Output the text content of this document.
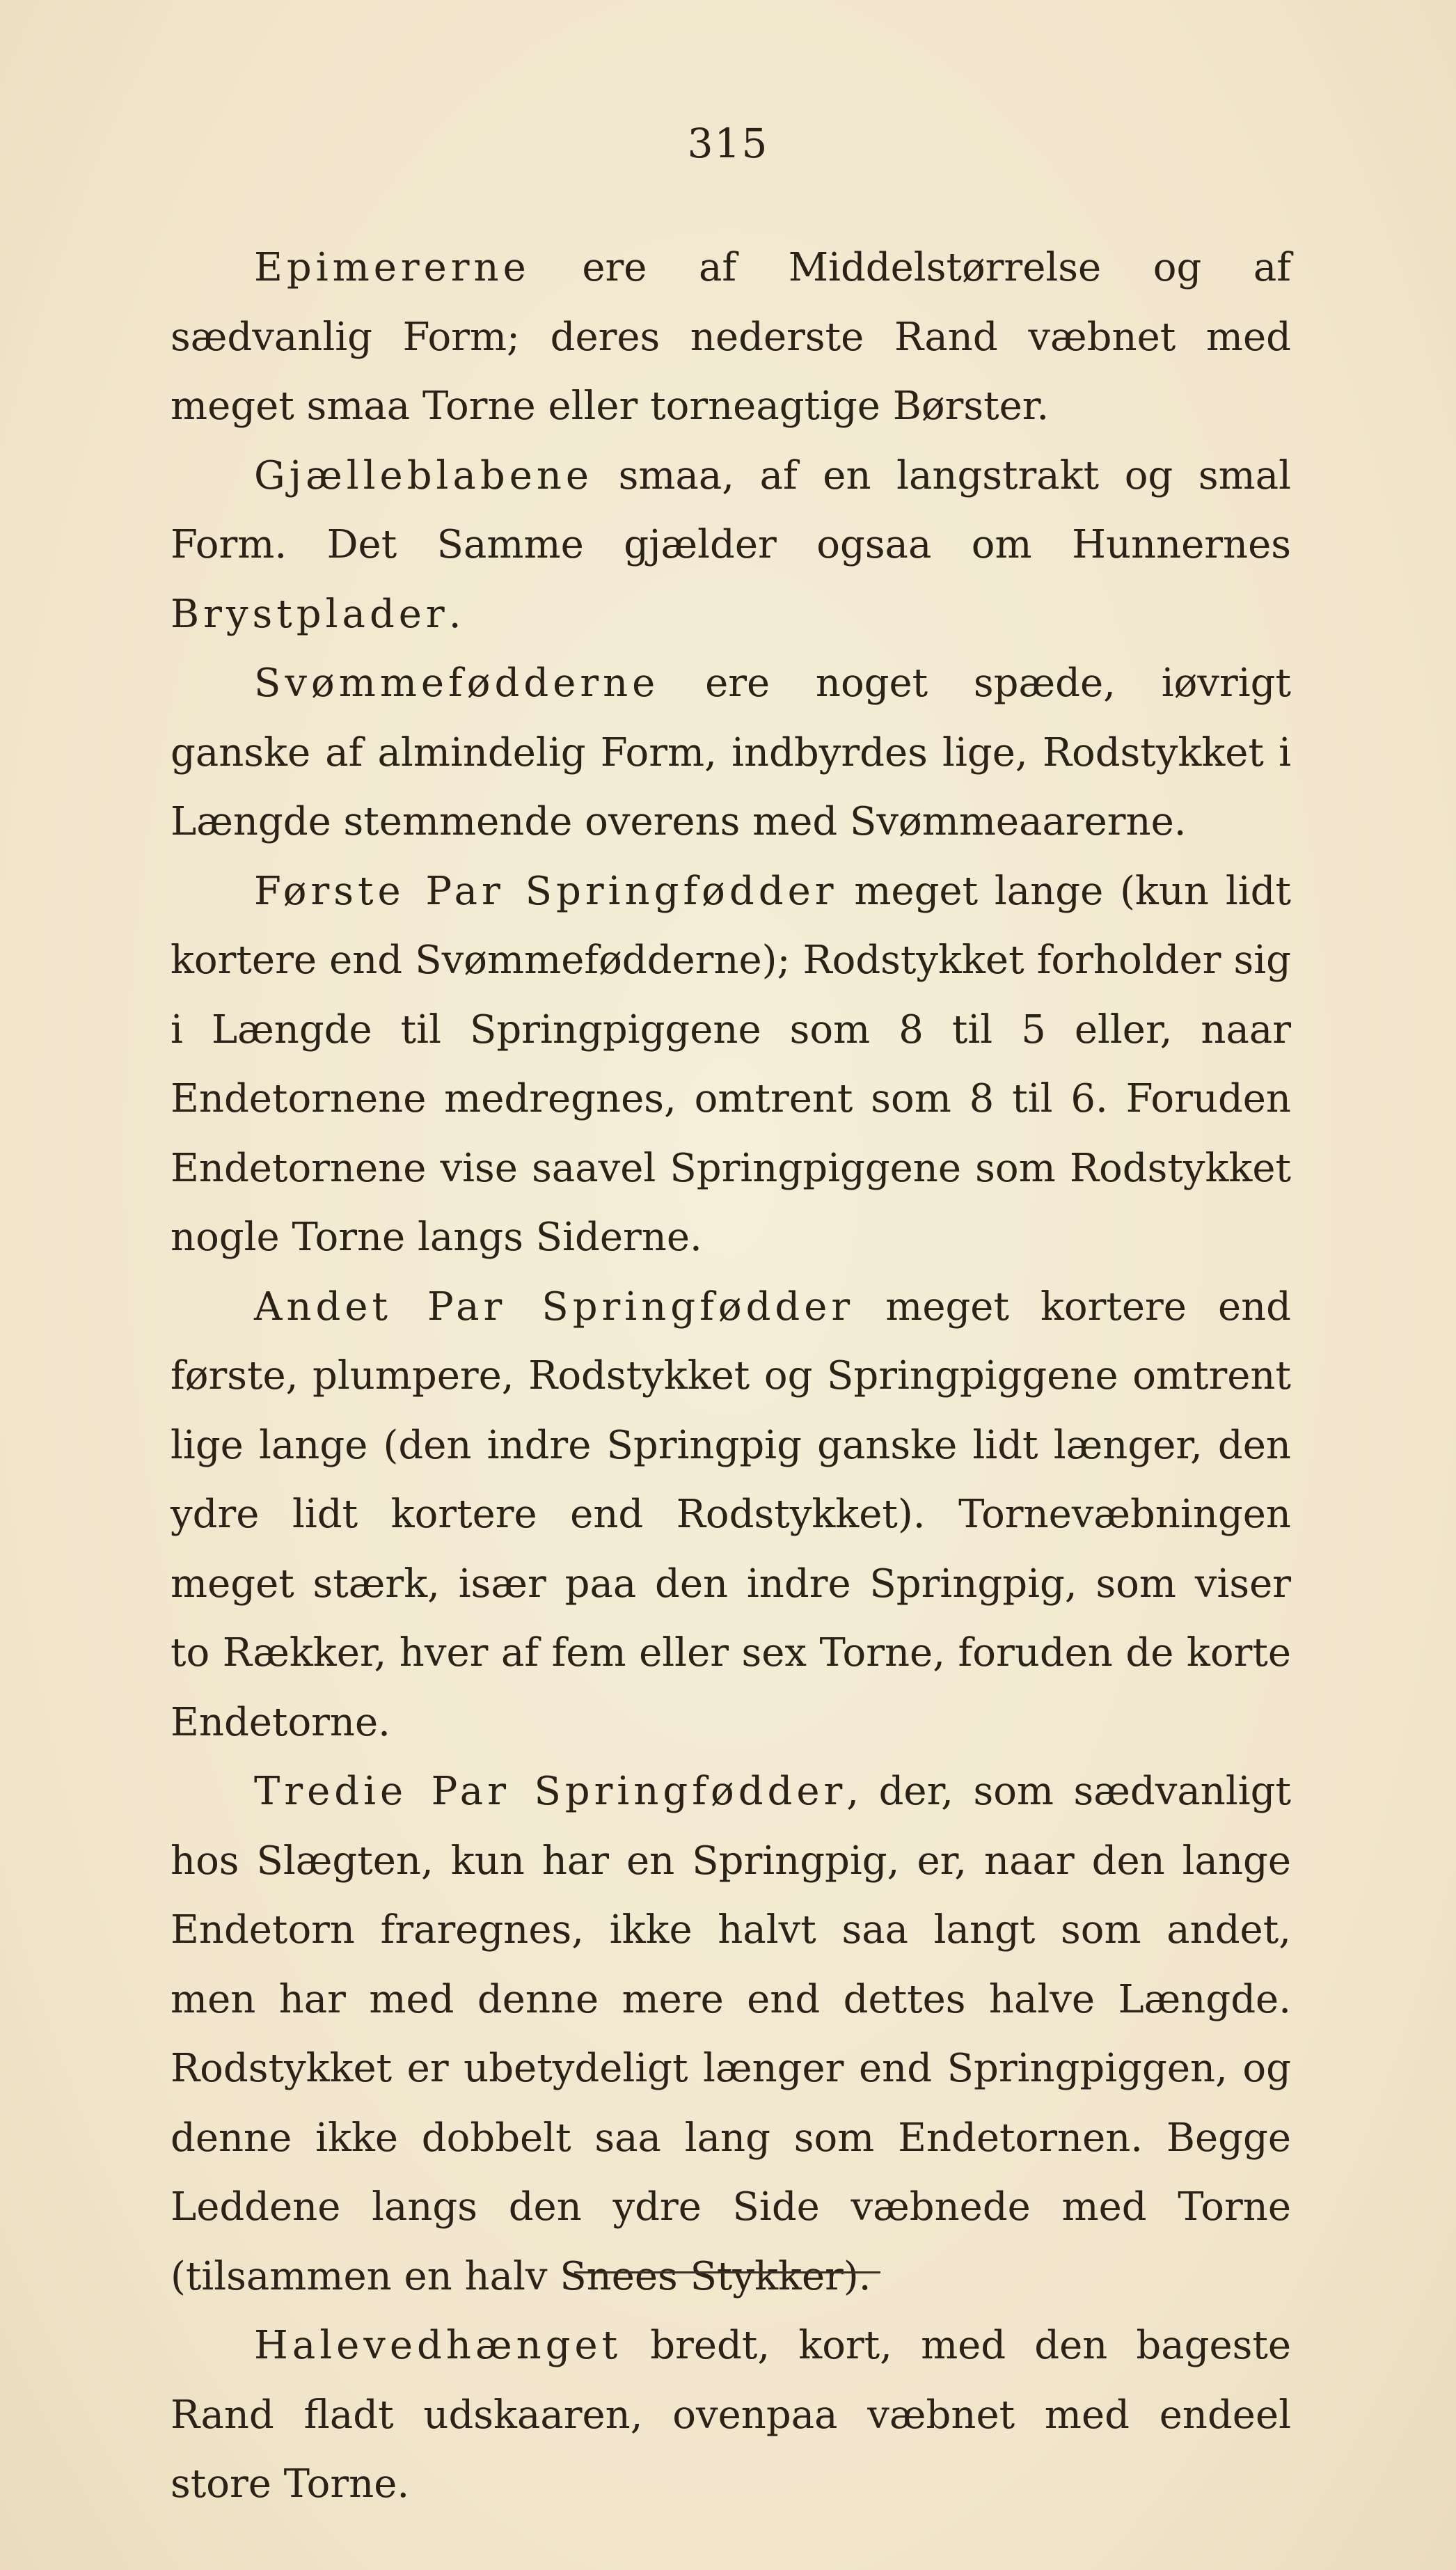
315

Epimererne ere af Middelstørrelse og af sædvanlig Form; deres nederste Rand væbnet med meget smaa Torne eller torneagtige Børster.

Gjælleblabene smaa, af en langstrakt og smal Form. Det Samme gjælder ogsaa om Hunnernes Brystplader.

Svømmefødderne ere noget spæde, iøvrigt ganske af almindelig Form, indbyrdes lige, Rodstykket i Længde stemmende overens med Svømmeaarerne.

Første Par Springfødder meget lange (kun lidt kortere end Svømmefødderne); Rodstykket forholder sig i Længde til Springpiggene som 8 til 5 eller, naar Endetornene medregnes, omtrent som 8 til 6. Foruden Endetornene vise saavel Springpiggene som Rodstykket nogle Torne langs Siderne.

Andet Par Springfødder meget kortere end første, plumpere, Rodstykket og Springpiggene omtrent lige lange (den indre Springpig ganske lidt længer, den ydre lidt kortere end Rodstykket). Tornevæbningen meget stærk, især paa den indre Springpig, som viser to Rækker, hver af fem eller sex Torne, foruden de korte Endetorne.

Tredie Par Springfødder, der, som sædvanligt hos Slægten, kun har en Springpig, er, naar den lange Endetorn fraregnes, ikke halvt saa langt som andet, men har med denne mere end dettes halve Længde. Rodstykket er ubetydeligt længer end Springpiggen, og denne ikke dobbelt saa lang som Endetornen. Begge Leddene langs den ydre Side væbnede med Torne (tilsammen en halv Snees Stykker).

Halevedhænget bredt, kort, med den bageste Rand fladt udskaaren, ovenpaa væbnet med endeel store Torne.
